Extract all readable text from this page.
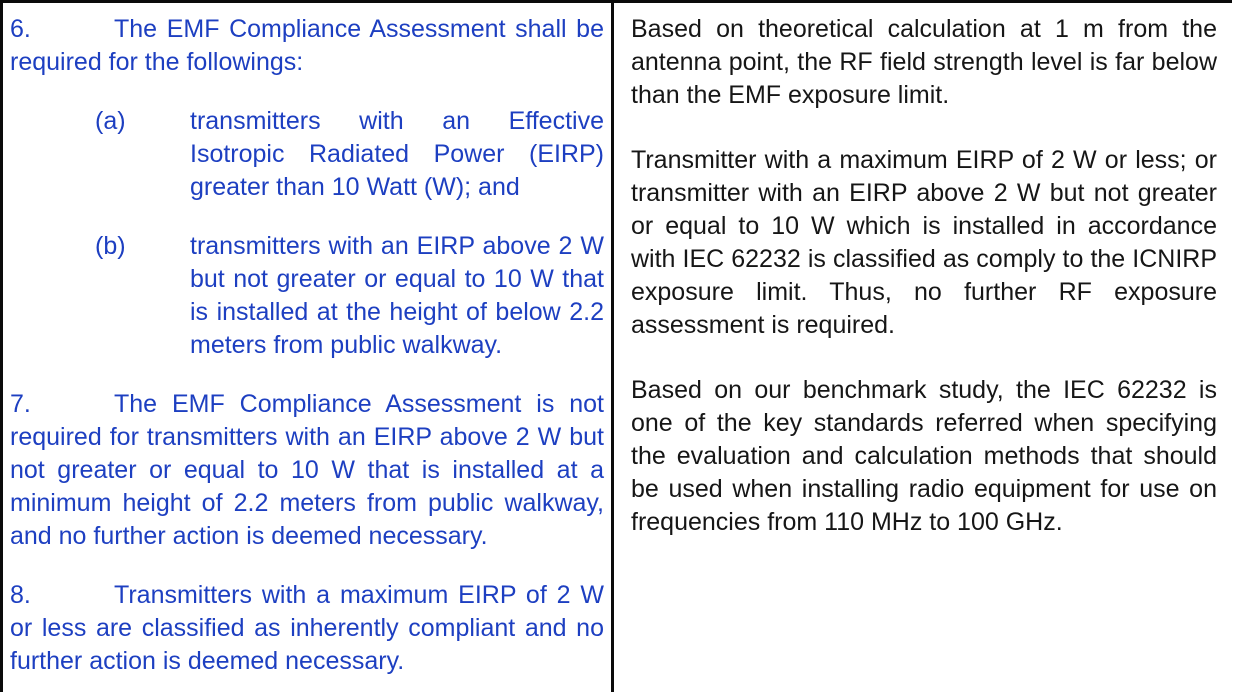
6.	The EMF Compliance Assessment shall be required for the followings:

(a)	transmitters with an Effective Isotropic Radiated Power (EIRP) greater than 10 Watt (W); and
(b)	transmitters with an EIRP above 2 W but not greater or equal to 10 W that is installed at the height of below 2.2 meters from public walkway.

7.	The EMF Compliance Assessment is not required for transmitters with an EIRP above 2 W but not greater or equal to 10 W that is installed at a minimum height of 2.2 meters from public walkway, and no further action is deemed necessary.

8.	Transmitters with a maximum EIRP of 2 W or less are classified as inherently compliant and no further action is deemed necessary.

Based on theoretical calculation at 1 m from the antenna point, the RF field strength level is far below than the EMF exposure limit.

Transmitter with a maximum EIRP of 2 W or less; or transmitter with an EIRP above 2 W but not greater or equal to 10 W which is installed in accordance with IEC 62232 is classified as comply to the ICNIRP exposure limit. Thus, no further RF exposure assessment is required.

Based on our benchmark study, the IEC 62232 is one of the key standards referred when specifying the evaluation and calculation methods that should be used when installing radio equipment for use on frequencies from 110 MHz to 100 GHz.
